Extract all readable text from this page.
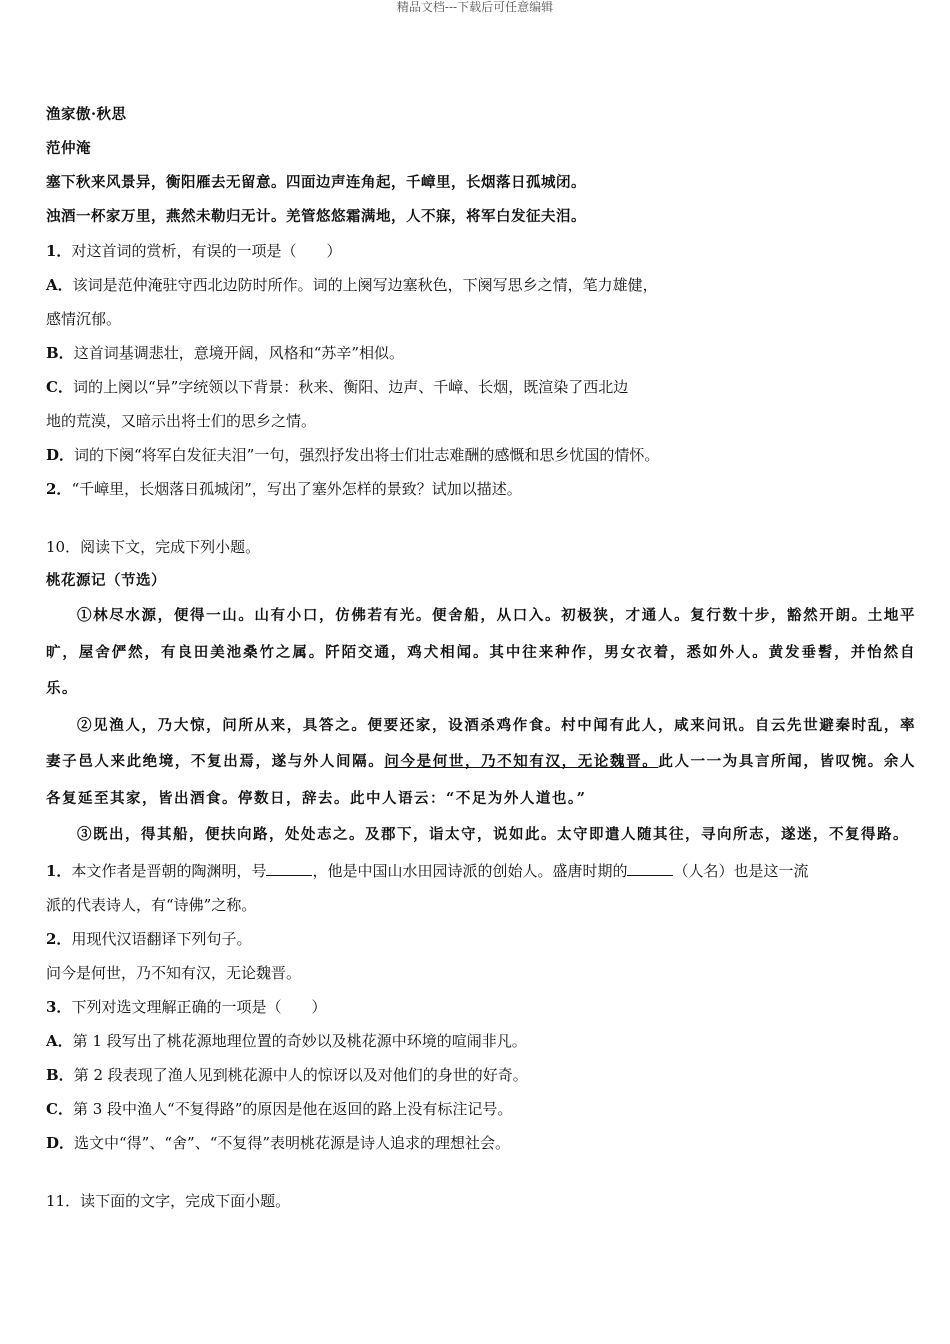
精品文档---下载后可任意编辑
渔家傲·秋思
范仲淹
塞下秋来风景异，衡阳雁去无留意。四面边声连角起，千嶂里，长烟落日孤城闭。
浊酒一杯家万里，燕然未勒归无计。羌管悠悠霜满地，人不寐，将军白发征夫泪。
1．对这首词的赏析，有误的一项是（　　）
A．该词是范仲淹驻守西北边防时所作。词的上阕写边塞秋色，下阕写思乡之情，笔力雄健，
感情沉郁。
B．这首词基调悲壮，意境开阔，风格和“苏辛”相似。
C．词的上阕以“异”字统领以下背景：秋来、衡阳、边声、千嶂、长烟，既渲染了西北边
地的荒漠，又暗示出将士们的思乡之情。
D．词的下阕“将军白发征夫泪”一句，强烈抒发出将士们壮志难酬的感慨和思乡忧国的情怀。
2．“千嶂里，长烟落日孤城闭”，写出了塞外怎样的景致？试加以描述。
10．阅读下文，完成下列小题。
桃花源记（节选）
①林尽水源，便得一山。山有小口，仿佛若有光。便舍船，从口入。初极狭，才通人。复行数十步，豁然开朗。土地平旷，屋舍俨然，有良田美池桑竹之属。阡陌交通，鸡犬相闻。其中往来种作，男女衣着，悉如外人。黄发垂髫，并怡然自乐。
②见渔人，乃大惊，问所从来，具答之。便要还家，设酒杀鸡作食。村中闻有此人，咸来问讯。自云先世避秦时乱，率妻子邑人来此绝境，不复出焉，遂与外人间隔。问今是何世，乃不知有汉，无论魏晋。此人一一为具言所闻，皆叹惋。余人各复延至其家，皆出酒食。停数日，辞去。此中人语云：“不足为外人道也。”
③既出，得其船，便扶向路，处处志之。及郡下，诣太守，说如此。太守即遣人随其往，寻向所志，遂迷，不复得路。
1．本文作者是晋朝的陶渊明，号	，他是中国山水田园诗派的创始人。盛唐时期的	（人名）也是这一流
派的代表诗人，有“诗佛”之称。
2．用现代汉语翻译下列句子。
问今是何世，乃不知有汉，无论魏晋。
3．下列对选文理解正确的一项是（　　）
A．第 1 段写出了桃花源地理位置的奇妙以及桃花源中环境的喧闹非凡。
B．第 2 段表现了渔人见到桃花源中人的惊讶以及对他们的身世的好奇。
C．第 3 段中渔人“不复得路”的原因是他在返回的路上没有标注记号。
D．选文中“得”、“舍”、“不复得”表明桃花源是诗人追求的理想社会。
11．读下面的文字，完成下面小题。
